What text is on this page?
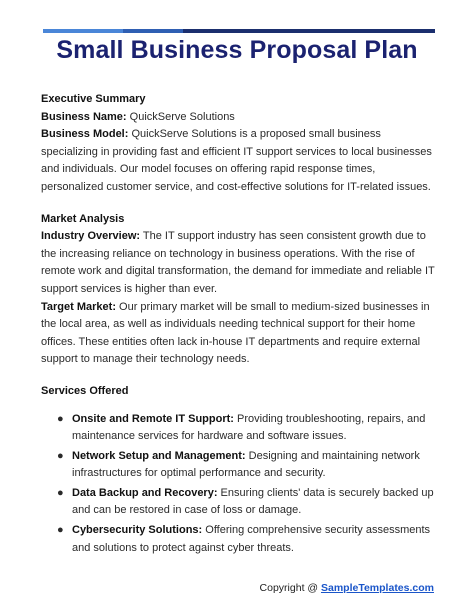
Small Business Proposal Plan

Executive Summary

Business Name: QuickServe Solutions

Business Model: QuickServe Solutions is a proposed small business specializing in providing fast and efficient IT support services to local businesses and individuals. Our model focuses on offering rapid response times, personalized customer service, and cost-effective solutions for IT-related issues.

Market Analysis

Industry Overview: The IT support industry has seen consistent growth due to the increasing reliance on technology in business operations. With the rise of remote work and digital transformation, the demand for immediate and reliable IT support services is higher than ever.

Target Market: Our primary market will be small to medium-sized businesses in the local area, as well as individuals needing technical support for their home offices. These entities often lack in-house IT departments and require external support to manage their technology needs.

Services Offered

● Onsite and Remote IT Support: Providing troubleshooting, repairs, and maintenance services for hardware and software issues.
● Network Setup and Management: Designing and maintaining network infrastructures for optimal performance and security.
● Data Backup and Recovery: Ensuring clients' data is securely backed up and can be restored in case of loss or damage.
● Cybersecurity Solutions: Offering comprehensive security assessments and solutions to protect against cyber threats.
Copyright @ SampleTemplates.com
